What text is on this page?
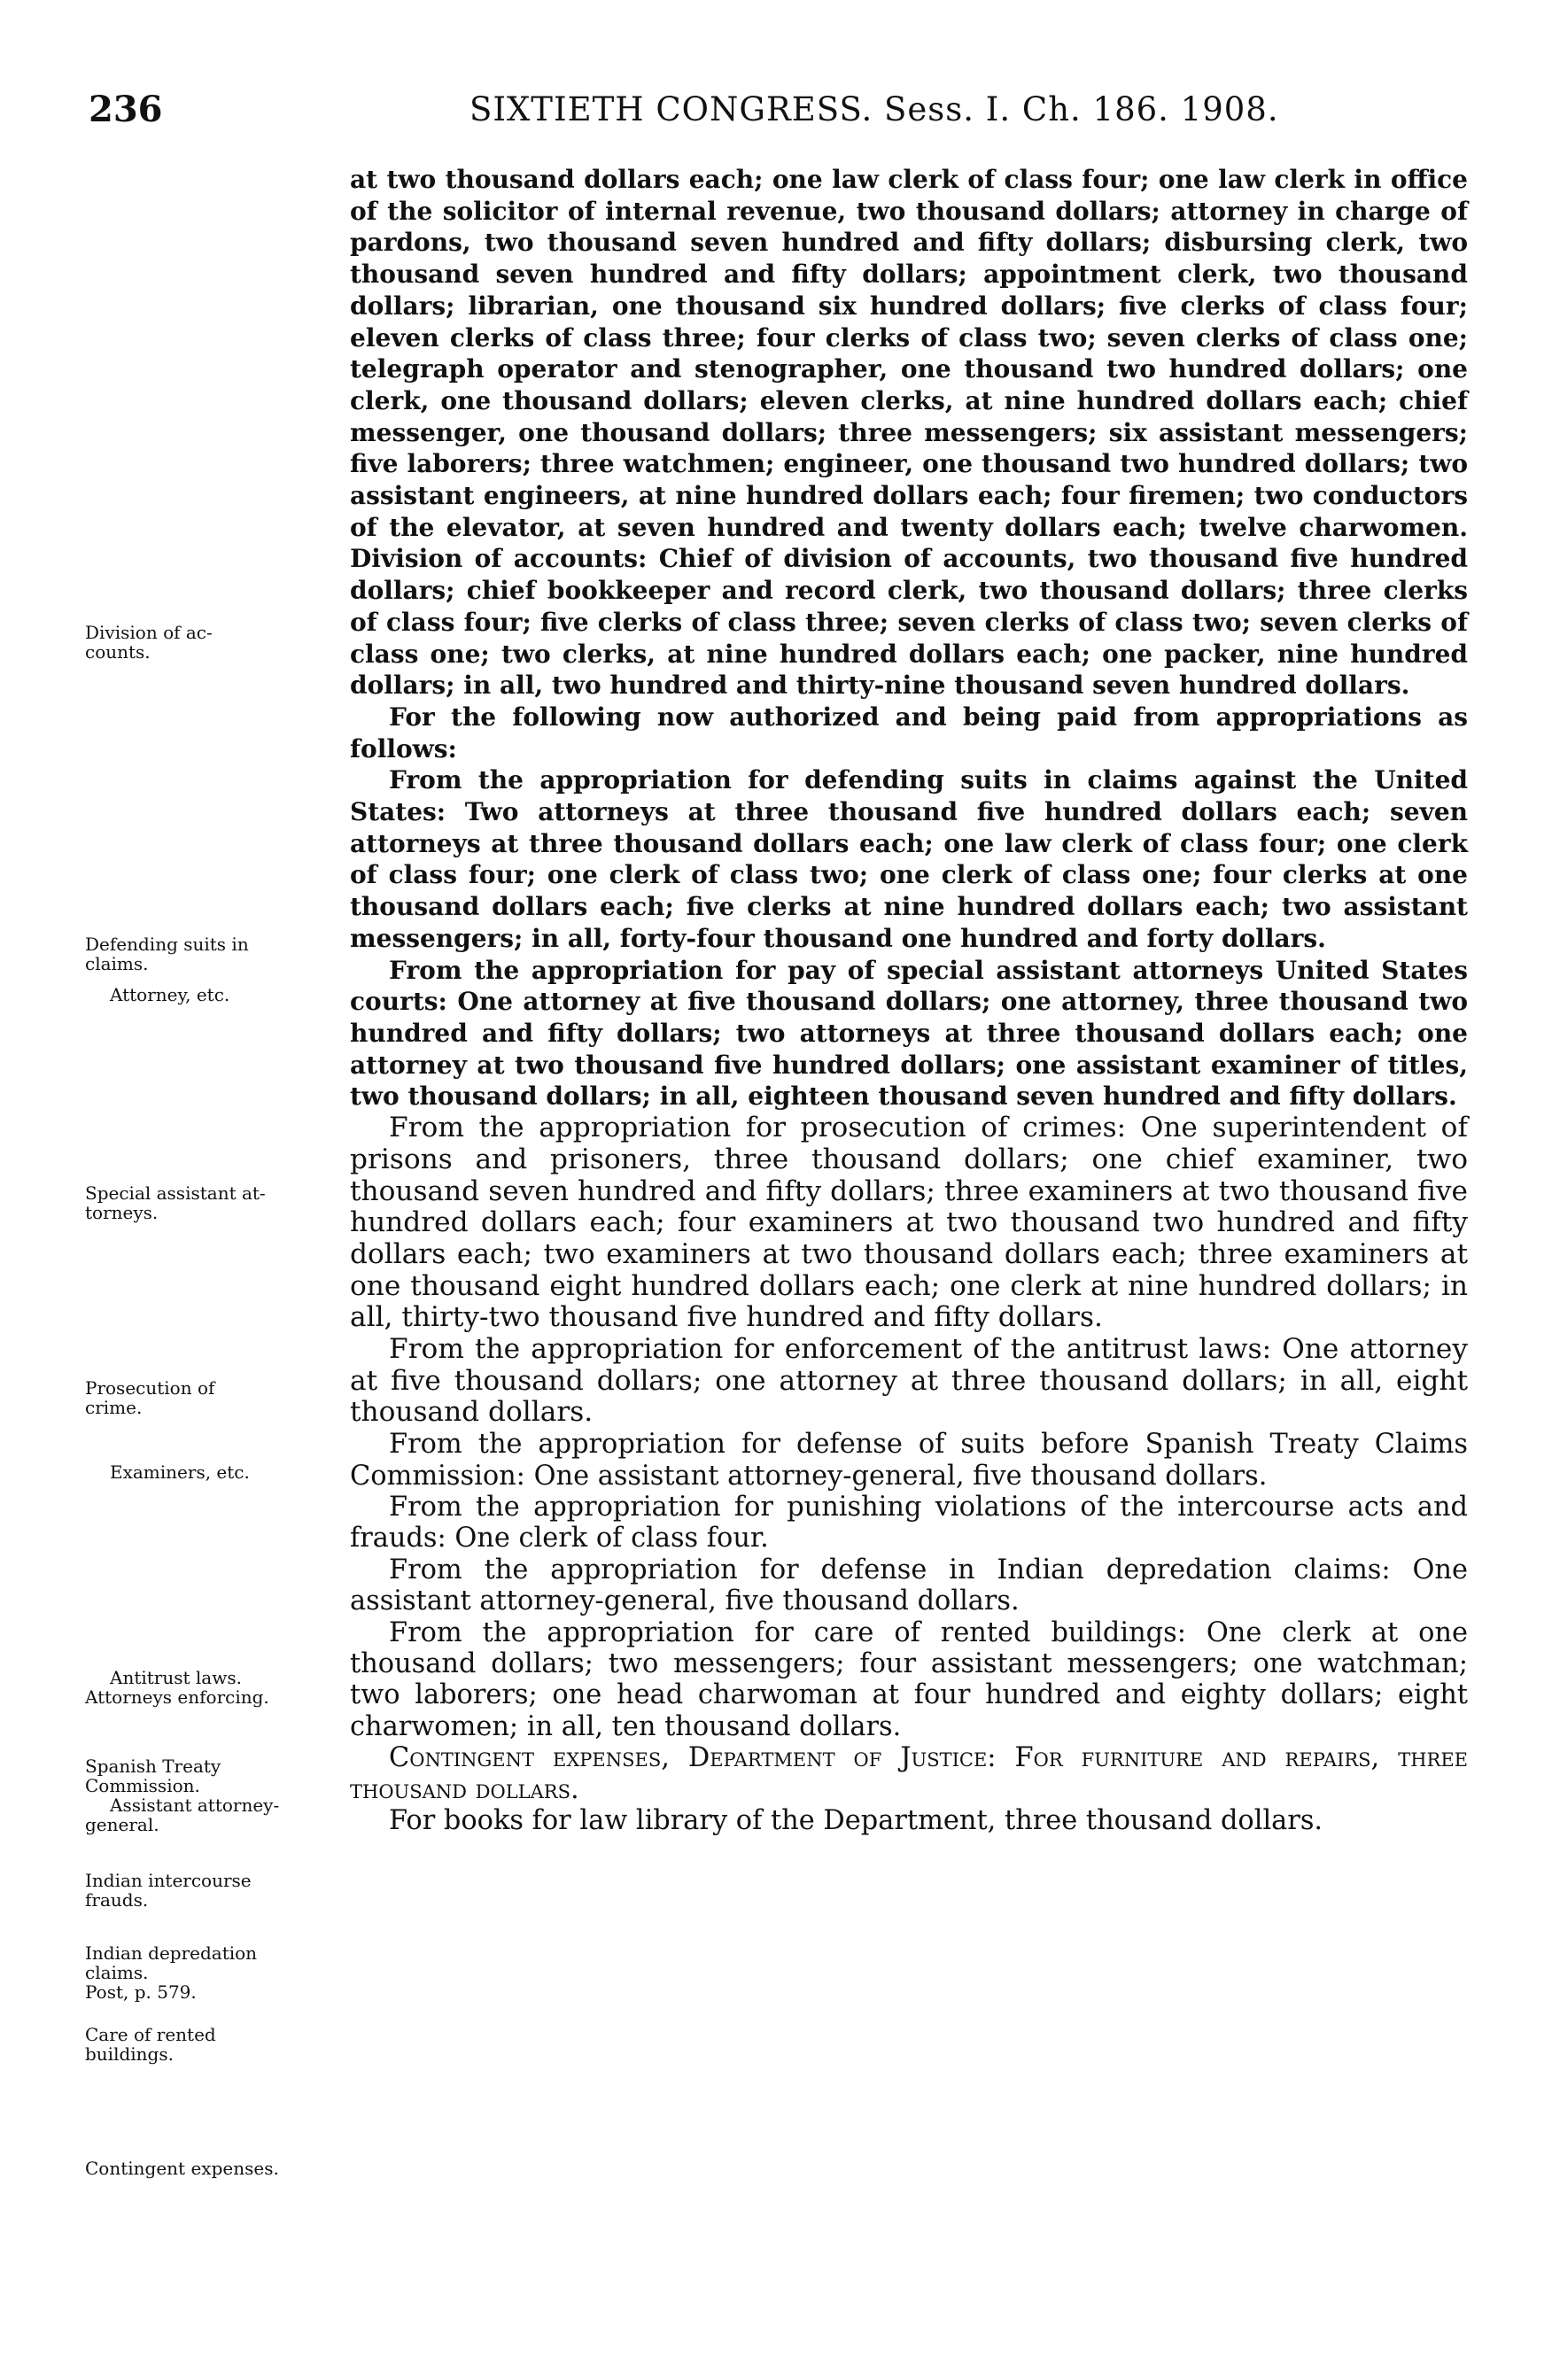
236	SIXTIETH CONGRESS. Sess. I. Ch. 186. 1908.
Division of ac-
counts.
Defending suits in
claims.
Attorney, etc.
Special assistant at-
torneys.
Prosecution of
crime.
Examiners, etc.
Antitrust laws.
Attorneys enforcing.
Spanish Treaty
Commission.
Assistant attorney-
general.
Indian intercourse
frauds.
Indian depredation
claims.
Post, p. 579.
Care of rented
buildings.
Contingent expenses.

at two thousand dollars each; one law clerk of class four; one law clerk in office of the solicitor of internal revenue, two thousand dollars; attorney in charge of pardons, two thousand seven hundred and fifty dollars; disbursing clerk, two thousand seven hundred and fifty dollars; appointment clerk, two thousand dollars; librarian, one thousand six hundred dollars; five clerks of class four; eleven clerks of class three; four clerks of class two; seven clerks of class one; telegraph operator and stenographer, one thousand two hundred dollars; one clerk, one thousand dollars; eleven clerks, at nine hundred dollars each; chief messenger, one thousand dollars; three messengers; six assistant messengers; five laborers; three watchmen; engineer, one thousand two hundred dollars; two assistant engineers, at nine hundred dollars each; four firemen; two conductors of the elevator, at seven hundred and twenty dollars each; twelve charwomen. Division of accounts: Chief of division of accounts, two thousand five hundred dollars; chief bookkeeper and record clerk, two thousand dollars; three clerks of class four; five clerks of class three; seven clerks of class two; seven clerks of class one; two clerks, at nine hundred dollars each; one packer, nine hundred dollars; in all, two hundred and thirty-nine thousand seven hundred dollars.

For the following now authorized and being paid from appropriations as follows:

From the appropriation for defending suits in claims against the United States: Two attorneys at three thousand five hundred dollars each; seven attorneys at three thousand dollars each; one law clerk of class four; one clerk of class four; one clerk of class two; one clerk of class one; four clerks at one thousand dollars each; five clerks at nine hundred dollars each; two assistant messengers; in all, forty-four thousand one hundred and forty dollars.

From the appropriation for pay of special assistant attorneys United States courts: One attorney at five thousand dollars; one attorney, three thousand two hundred and fifty dollars; two attorneys at three thousand dollars each; one attorney at two thousand five hundred dollars; one assistant examiner of titles, two thousand dollars; in all, eighteen thousand seven hundred and fifty dollars.

From the appropriation for prosecution of crimes: One superintendent of prisons and prisoners, three thousand dollars; one chief examiner, two thousand seven hundred and fifty dollars; three examiners at two thousand five hundred dollars each; four examiners at two thousand two hundred and fifty dollars each; two examiners at two thousand dollars each; three examiners at one thousand eight hundred dollars each; one clerk at nine hundred dollars; in all, thirty-two thousand five hundred and fifty dollars.

From the appropriation for enforcement of the antitrust laws: One attorney at five thousand dollars; one attorney at three thousand dollars; in all, eight thousand dollars.

From the appropriation for defense of suits before Spanish Treaty Claims Commission: One assistant attorney-general, five thousand dollars.

From the appropriation for punishing violations of the intercourse acts and frauds: One clerk of class four.

From the appropriation for defense in Indian depredation claims: One assistant attorney-general, five thousand dollars.

From the appropriation for care of rented buildings: One clerk at one thousand dollars; two messengers; four assistant messengers; one watchman; two laborers; one head charwoman at four hundred and eighty dollars; eight charwomen; in all, ten thousand dollars.

Contingent expenses, Department of Justice: For furniture and repairs, three thousand dollars.

For books for law library of the Department, three thousand dollars.
